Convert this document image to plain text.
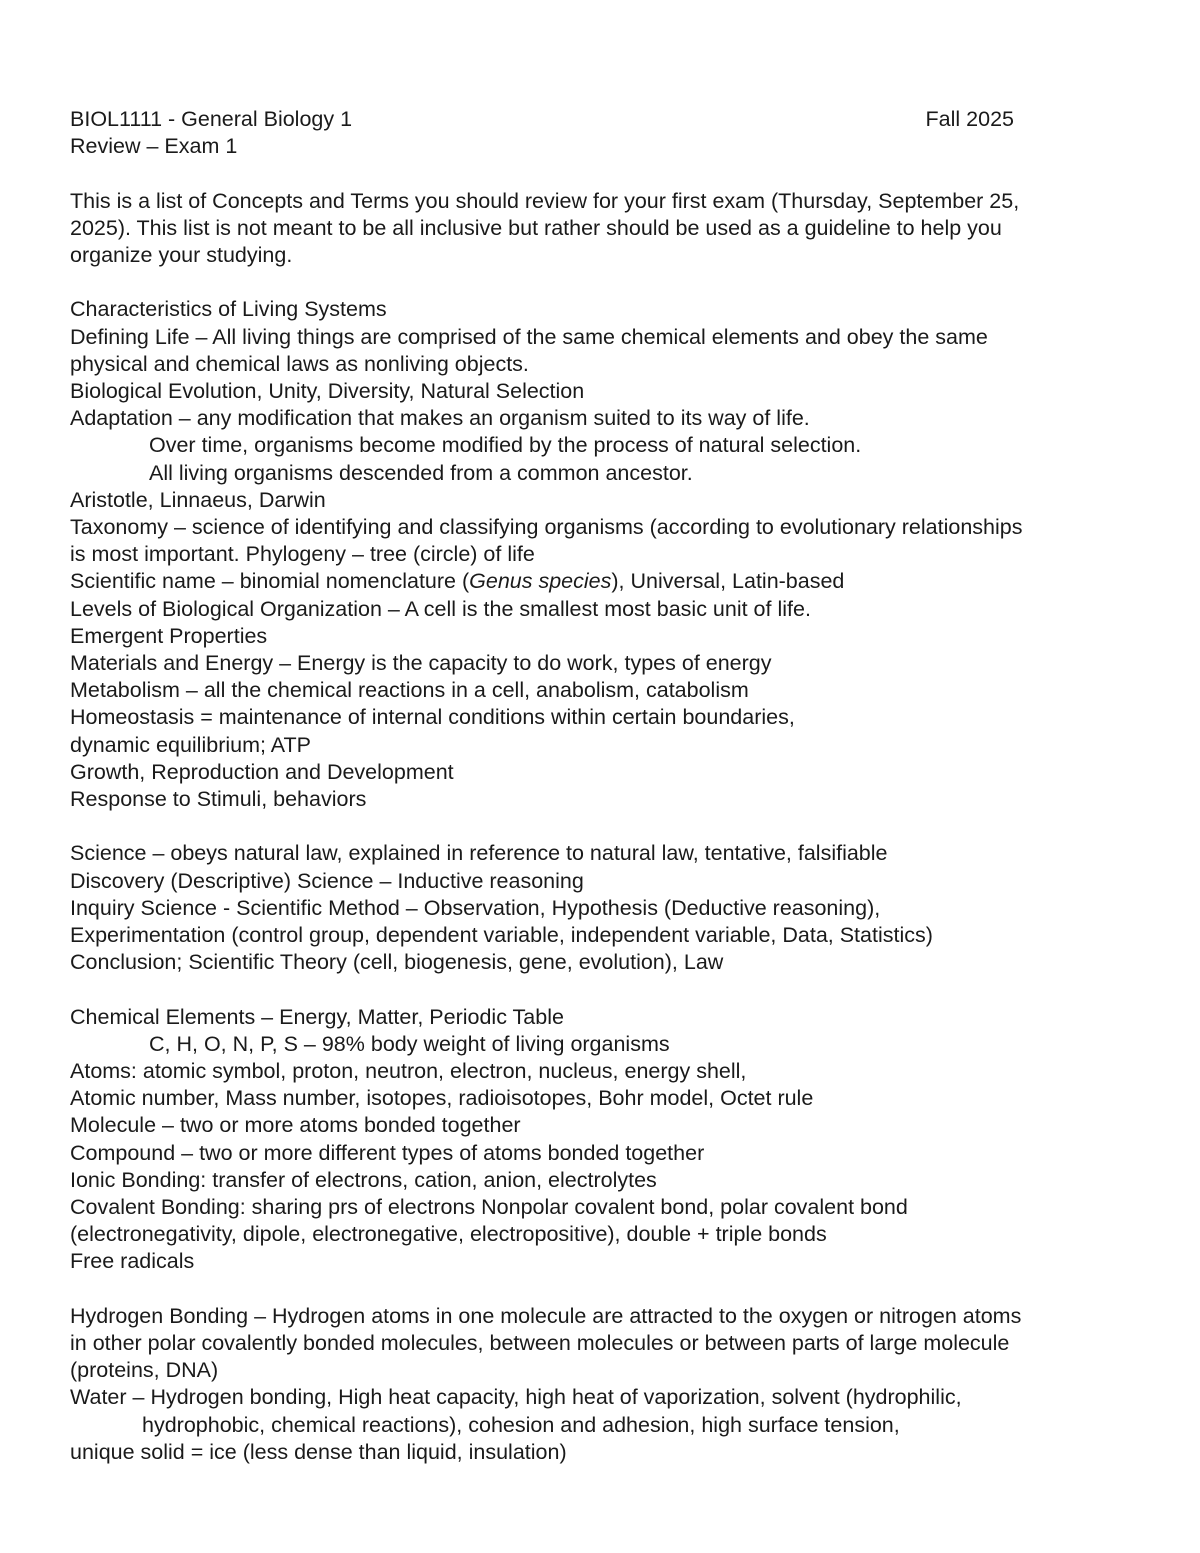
BIOL1111 - General Biology 1	Fall 2025
Review – Exam 1
This is a list of Concepts and Terms you should review for your first exam (Thursday, September 25,
2025). This list is not meant to be all inclusive but rather should be used as a guideline to help you
organize your studying.
Characteristics of Living Systems
Defining Life – All living things are comprised of the same chemical elements and obey the same
physical and chemical laws as nonliving objects.
Biological Evolution, Unity, Diversity, Natural Selection
Adaptation – any modification that makes an organism suited to its way of life.
Over time, organisms become modified by the process of natural selection.
All living organisms descended from a common ancestor.
Aristotle, Linnaeus, Darwin
Taxonomy – science of identifying and classifying organisms (according to evolutionary relationships
is most important. Phylogeny – tree (circle) of life
Scientific name – binomial nomenclature (Genus species), Universal, Latin-based
Levels of Biological Organization – A cell is the smallest most basic unit of life.
Emergent Properties
Materials and Energy – Energy is the capacity to do work, types of energy
Metabolism – all the chemical reactions in a cell, anabolism, catabolism
Homeostasis = maintenance of internal conditions within certain boundaries,
dynamic equilibrium; ATP
Growth, Reproduction and Development
Response to Stimuli, behaviors
Science – obeys natural law, explained in reference to natural law, tentative, falsifiable
Discovery (Descriptive) Science – Inductive reasoning
Inquiry Science - Scientific Method – Observation, Hypothesis (Deductive reasoning),
Experimentation (control group, dependent variable, independent variable, Data, Statistics)
Conclusion; Scientific Theory (cell, biogenesis, gene, evolution), Law
Chemical Elements – Energy, Matter, Periodic Table
C, H, O, N, P, S – 98% body weight of living organisms
Atoms: atomic symbol, proton, neutron, electron, nucleus, energy shell,
Atomic number, Mass number, isotopes, radioisotopes, Bohr model, Octet rule
Molecule – two or more atoms bonded together
Compound – two or more different types of atoms bonded together
Ionic Bonding: transfer of electrons, cation, anion, electrolytes
Covalent Bonding: sharing prs of electrons Nonpolar covalent bond, polar covalent bond
(electronegativity, dipole, electronegative, electropositive), double + triple bonds
Free radicals
Hydrogen Bonding – Hydrogen atoms in one molecule are attracted to the oxygen or nitrogen atoms
in other polar covalently bonded molecules, between molecules or between parts of large molecule
(proteins, DNA)
Water – Hydrogen bonding, High heat capacity, high heat of vaporization, solvent (hydrophilic,
hydrophobic, chemical reactions), cohesion and adhesion, high surface tension,
unique solid = ice (less dense than liquid, insulation)
